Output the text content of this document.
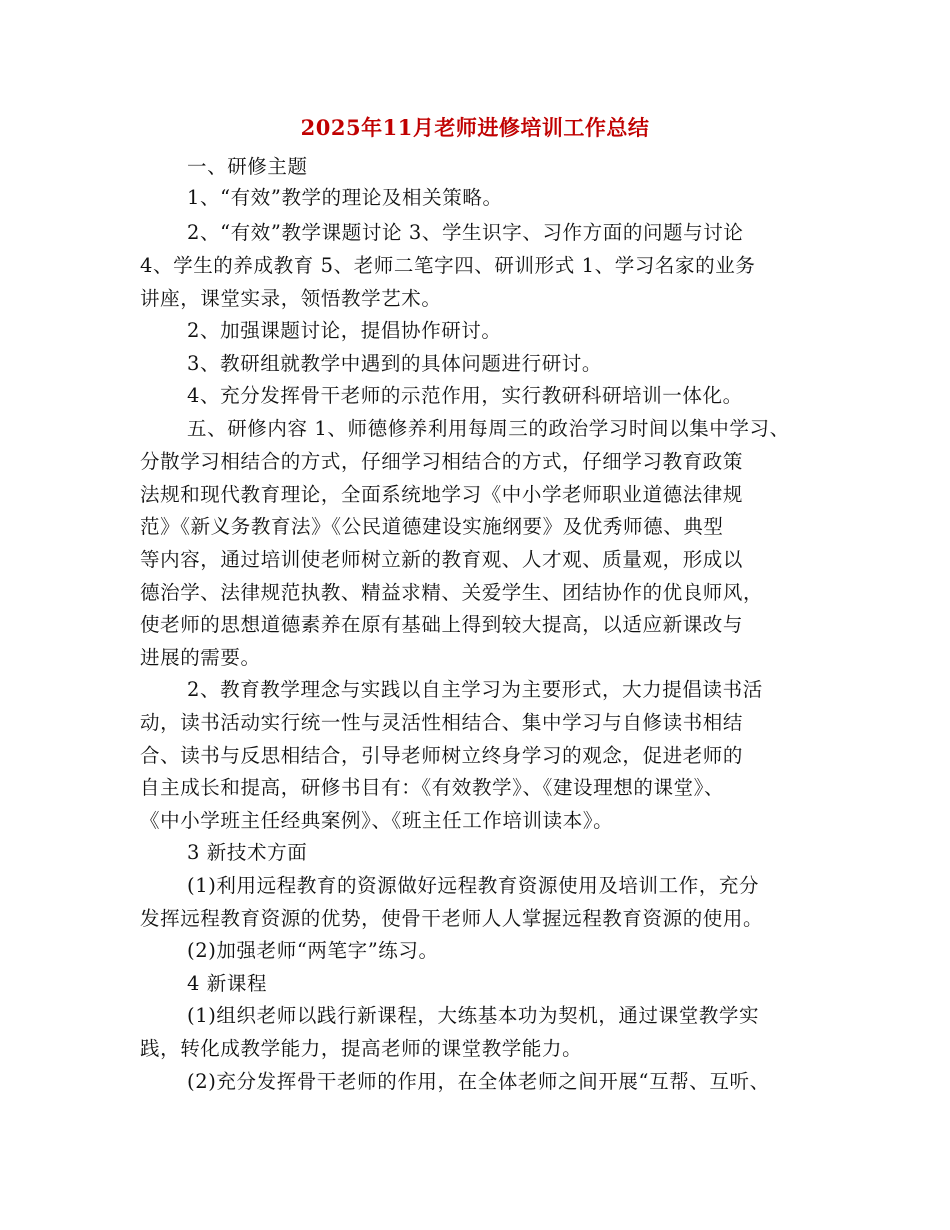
2025年11月老师进修培训工作总结
一、研修主题
1、“有效”教学的理论及相关策略。
2、“有效”教学课题讨论 3、学生识字、习作方面的问题与讨论
4、学生的养成教育 5、老师二笔字四、研训形式 1、学习名家的业务
讲座，课堂实录，领悟教学艺术。
2、加强课题讨论，提倡协作研讨。
3、教研组就教学中遇到的具体问题进行研讨。
4、充分发挥骨干老师的示范作用，实行教研科研培训一体化。
五、研修内容 1、师德修养利用每周三的政治学习时间以集中学习、
分散学习相结合的方式，仔细学习相结合的方式，仔细学习教育政策
法规和现代教育理论，全面系统地学习《中小学老师职业道德法律规
范》《新义务教育法》《公民道德建设实施纲要》及优秀师德、典型
等内容，通过培训使老师树立新的教育观、人才观、质量观，形成以
德治学、法律规范执教、精益求精、关爱学生、团结协作的优良师风，
使老师的思想道德素养在原有基础上得到较大提高，以适应新课改与
进展的需要。
2、教育教学理念与实践以自主学习为主要形式，大力提倡读书活
动，读书活动实行统一性与灵活性相结合、集中学习与自修读书相结
合、读书与反思相结合，引导老师树立终身学习的观念，促进老师的
自主成长和提高，研修书目有：《有效教学》、《建设理想的课堂》、
《中小学班主任经典案例》、《班主任工作培训读本》。
3 新技术方面
(1)利用远程教育的资源做好远程教育资源使用及培训工作，充分
发挥远程教育资源的优势，使骨干老师人人掌握远程教育资源的使用。
(2)加强老师“两笔字”练习。
4 新课程
(1)组织老师以践行新课程，大练基本功为契机，通过课堂教学实
践，转化成教学能力，提高老师的课堂教学能力。
(2)充分发挥骨干老师的作用，在全体老师之间开展“互帮、互听、
